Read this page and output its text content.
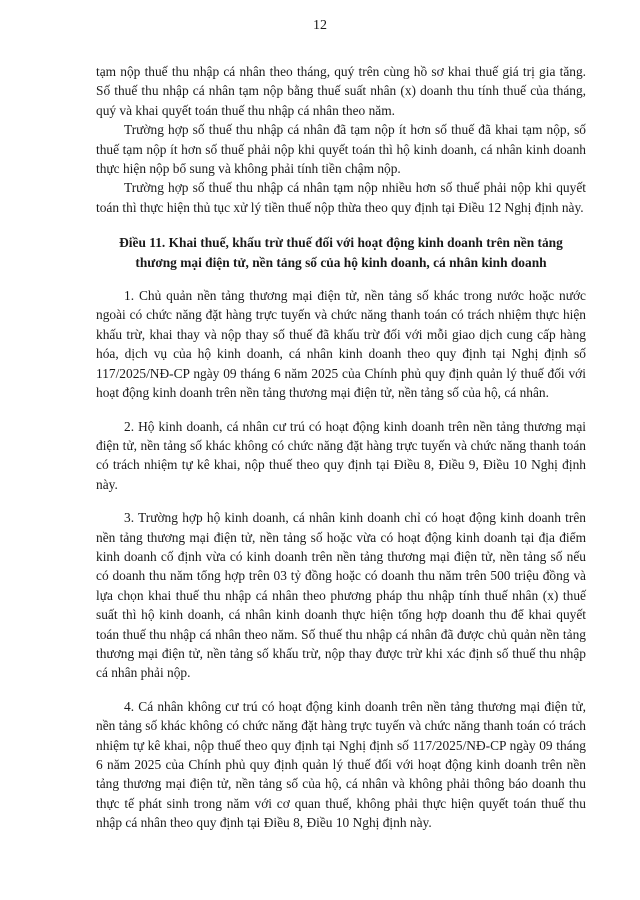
12

tạm nộp thuế thu nhập cá nhân theo tháng, quý trên cùng hồ sơ khai thuế giá trị gia tăng. Số thuế thu nhập cá nhân tạm nộp bằng thuế suất nhân (x) doanh thu tính thuế của tháng, quý và khai quyết toán thuế thu nhập cá nhân theo năm.

Trường hợp số thuế thu nhập cá nhân đã tạm nộp ít hơn số thuế đã khai tạm nộp, số thuế tạm nộp ít hơn số thuế phải nộp khi quyết toán thì hộ kinh doanh, cá nhân kinh doanh thực hiện nộp bổ sung và không phải tính tiền chậm nộp.

Trường hợp số thuế thu nhập cá nhân tạm nộp nhiều hơn số thuế phải nộp khi quyết toán thì thực hiện thủ tục xử lý tiền thuế nộp thừa theo quy định tại Điều 12 Nghị định này.

Điều 11. Khai thuế, khấu trừ thuế đối với hoạt động kinh doanh trên nền tảng thương mại điện tử, nền tảng số của hộ kinh doanh, cá nhân kinh doanh

1. Chủ quản nền tảng thương mại điện tử, nền tảng số khác trong nước hoặc nước ngoài có chức năng đặt hàng trực tuyến và chức năng thanh toán có trách nhiệm thực hiện khấu trừ, khai thay và nộp thay số thuế đã khấu trừ đối với mỗi giao dịch cung cấp hàng hóa, dịch vụ của hộ kinh doanh, cá nhân kinh doanh theo quy định tại Nghị định số 117/2025/NĐ-CP ngày 09 tháng 6 năm 2025 của Chính phủ quy định quản lý thuế đối với hoạt động kinh doanh trên nền tảng thương mại điện tử, nền tảng số của hộ, cá nhân.

2. Hộ kinh doanh, cá nhân cư trú có hoạt động kinh doanh trên nền tảng thương mại điện tử, nền tảng số khác không có chức năng đặt hàng trực tuyến và chức năng thanh toán có trách nhiệm tự kê khai, nộp thuế theo quy định tại Điều 8, Điều 9, Điều 10 Nghị định này.

3. Trường hợp hộ kinh doanh, cá nhân kinh doanh chỉ có hoạt động kinh doanh trên nền tảng thương mại điện tử, nền tảng số hoặc vừa có hoạt động kinh doanh tại địa điểm kinh doanh cố định vừa có kinh doanh trên nền tảng thương mại điện tử, nền tảng số nếu có doanh thu năm tổng hợp trên 03 tỷ đồng hoặc có doanh thu năm trên 500 triệu đồng và lựa chọn khai thuế thu nhập cá nhân theo phương pháp thu nhập tính thuế nhân (x) thuế suất thì hộ kinh doanh, cá nhân kinh doanh thực hiện tổng hợp doanh thu để khai quyết toán thuế thu nhập cá nhân theo năm. Số thuế thu nhập cá nhân đã được chủ quản nền tảng thương mại điện tử, nền tảng số khấu trừ, nộp thay được trừ khi xác định số thuế thu nhập cá nhân phải nộp.

4. Cá nhân không cư trú có hoạt động kinh doanh trên nền tảng thương mại điện tử, nền tảng số khác không có chức năng đặt hàng trực tuyến và chức năng thanh toán có trách nhiệm tự kê khai, nộp thuế theo quy định tại Nghị định số 117/2025/NĐ-CP ngày 09 tháng 6 năm 2025 của Chính phủ quy định quản lý thuế đối với hoạt động kinh doanh trên nền tảng thương mại điện tử, nền tảng số của hộ, cá nhân và không phải thông báo doanh thu thực tế phát sinh trong năm với cơ quan thuế, không phải thực hiện quyết toán thuế thu nhập cá nhân theo quy định tại Điều 8, Điều 10 Nghị định này.
